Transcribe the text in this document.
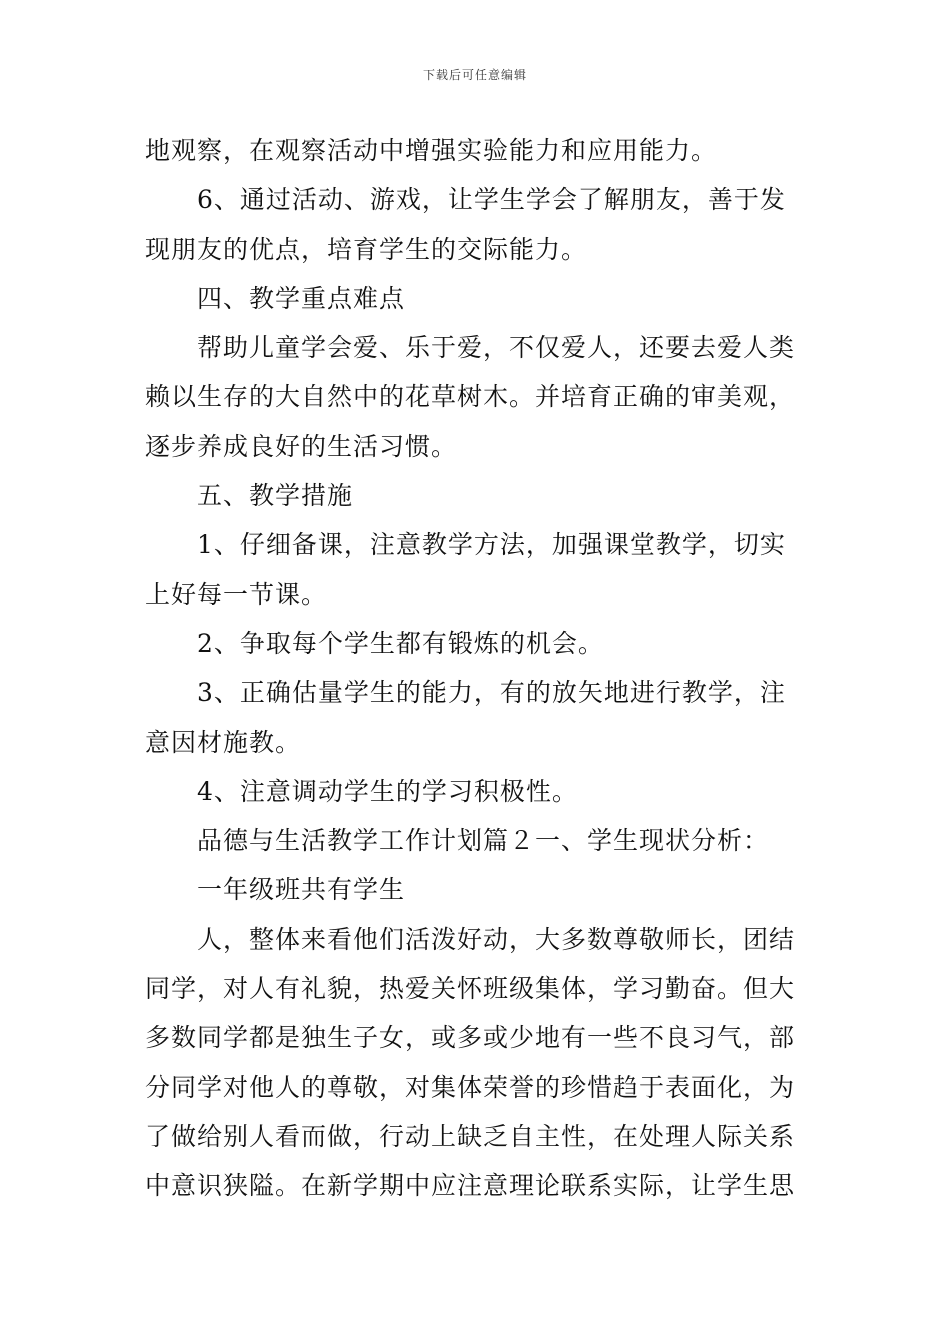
下载后可任意编辑

地观察，在观察活动中增强实验能力和应用能力。

6、通过活动、游戏，让学生学会了解朋友，善于发现朋友的优点，培育学生的交际能力。

四、教学重点难点

帮助儿童学会爱、乐于爱，不仅爱人，还要去爱人类赖以生存的大自然中的花草树木。并培育正确的审美观，逐步养成良好的生活习惯。

五、教学措施

1、仔细备课，注意教学方法，加强课堂教学，切实上好每一节课。

2、争取每个学生都有锻炼的机会。

3、正确估量学生的能力，有的放矢地进行教学，注意因材施教。

4、注意调动学生的学习积极性。

品德与生活教学工作计划篇２一、学生现状分析：

一年级班共有学生

人，整体来看他们活泼好动，大多数尊敬师长，团结同学，对人有礼貌，热爱关怀班级集体，学习勤奋。但大多数同学都是独生子女，或多或少地有一些不良习气，部分同学对他人的尊敬，对集体荣誉的珍惜趋于表面化，为了做给别人看而做，行动上缺乏自主性，在处理人际关系中意识狭隘。在新学期中应注意理论联系实际，让学生思
